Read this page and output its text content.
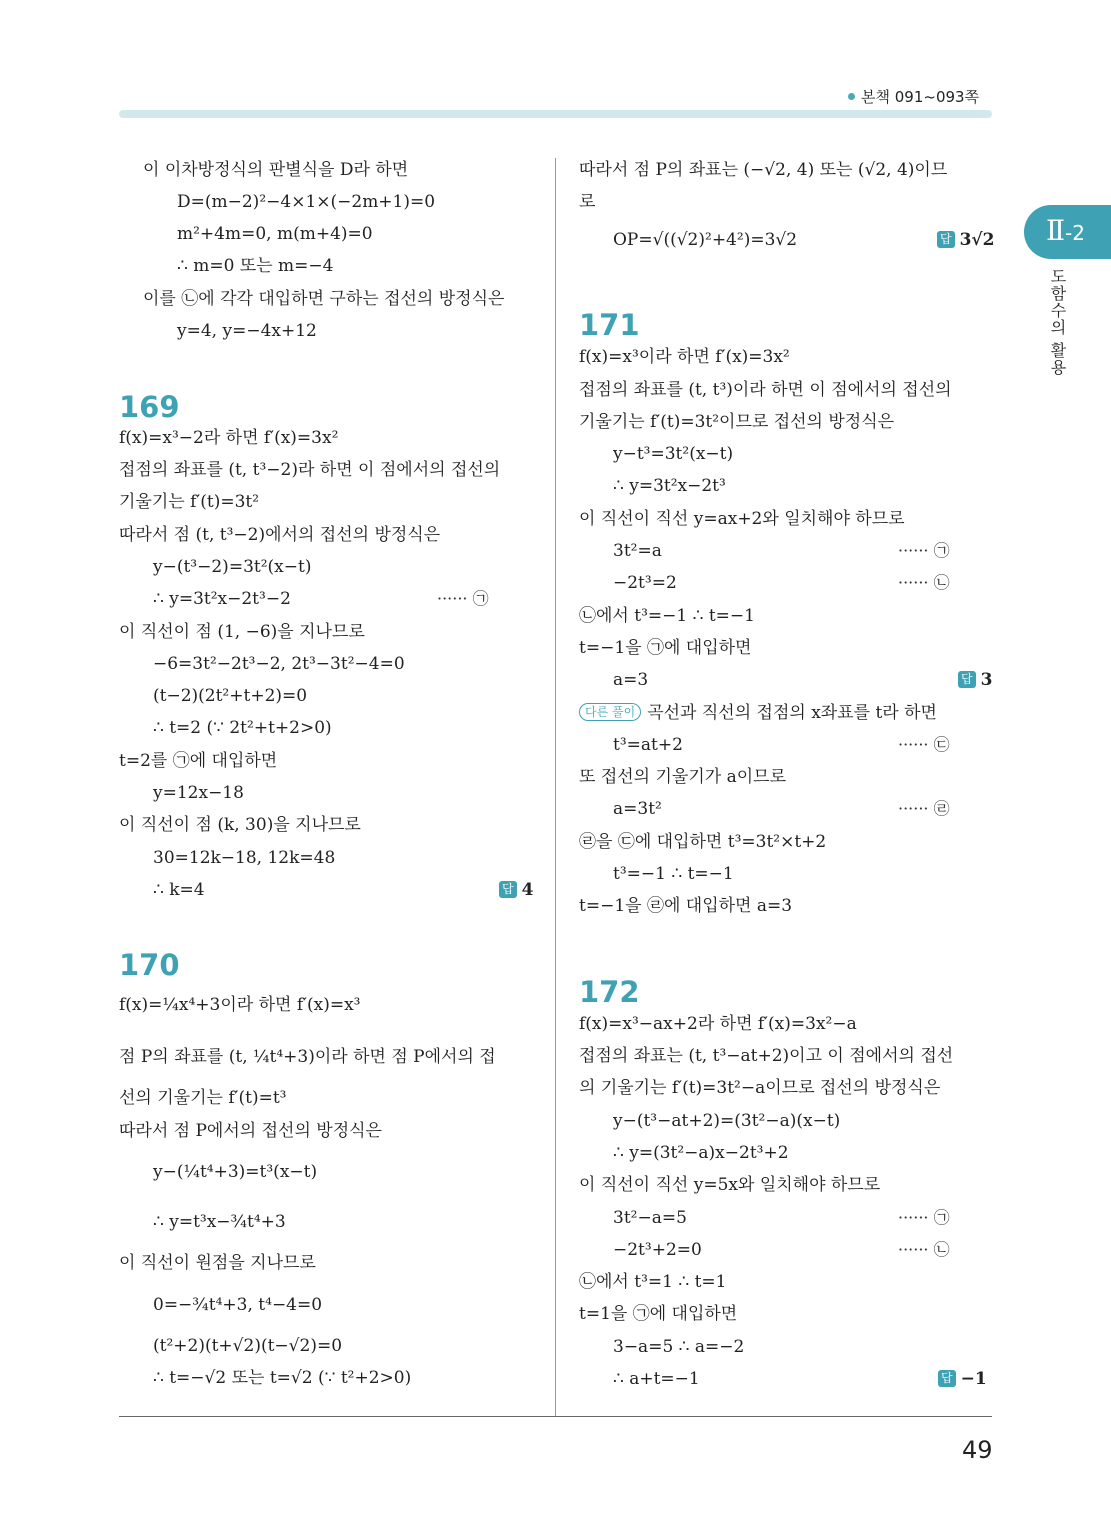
본책 091~093쪽
Ⅱ-2
도함수의 활용
이 이차방정식의 판별식을 D라 하면
D=(m−2)²−4×1×(−2m+1)=0
m²+4m=0, m(m+4)=0
∴ m=0 또는 m=−4
이를 ㉡에 각각 대입하면 구하는 접선의 방정식은
y=4, y=−4x+12
169
f(x)=x³−2라 하면 f′(x)=3x²
접점의 좌표를 (t, t³−2)라 하면 이 점에서의 접선의
기울기는 f′(t)=3t²
따라서 점 (t, t³−2)에서의 접선의 방정식은
y−(t³−2)=3t²(x−t)
∴ y=3t²x−2t³−2	······ ㉠
이 직선이 점 (1, −6)을 지나므로
−6=3t²−2t³−2, 2t³−3t²−4=0
(t−2)(2t²+t+2)=0
∴ t=2 (∵ 2t²+t+2>0)
t=2를 ㉠에 대입하면
y=12x−18
이 직선이 점 (k, 30)을 지나므로
30=12k−18, 12k=48
∴ k=4	답 4
170
f(x)=¼x⁴+3이라 하면 f′(x)=x³
점 P의 좌표를 (t, ¼t⁴+3)이라 하면 점 P에서의 접
선의 기울기는 f′(t)=t³
따라서 점 P에서의 접선의 방정식은
y−(¼t⁴+3)=t³(x−t)
∴ y=t³x−¾t⁴+3
이 직선이 원점을 지나므로
0=−¾t⁴+3, t⁴−4=0
(t²+2)(t+√2)(t−√2)=0
∴ t=−√2 또는 t=√2 (∵ t²+2>0)
따라서 점 P의 좌표는 (−√2, 4) 또는 (√2, 4)이므
로
OP=√((√2)²+4²)=3√2	답 3√2
171
f(x)=x³이라 하면 f′(x)=3x²
접점의 좌표를 (t, t³)이라 하면 이 점에서의 접선의
기울기는 f′(t)=3t²이므로 접선의 방정식은
y−t³=3t²(x−t)
∴ y=3t²x−2t³
이 직선이 직선 y=ax+2와 일치해야 하므로
3t²=a	······ ㉠
−2t³=2	······ ㉡
㉡에서 t³=−1 ∴ t=−1
t=−1을 ㉠에 대입하면
a=3	답 3
다른 풀이 곡선과 직선의 접점의 x좌표를 t라 하면
t³=at+2	······ ㉢
또 접선의 기울기가 a이므로
a=3t²	······ ㉣
㉣을 ㉢에 대입하면 t³=3t²×t+2
t³=−1 ∴ t=−1
t=−1을 ㉣에 대입하면 a=3
172
f(x)=x³−ax+2라 하면 f′(x)=3x²−a
접점의 좌표는 (t, t³−at+2)이고 이 점에서의 접선
의 기울기는 f′(t)=3t²−a이므로 접선의 방정식은
y−(t³−at+2)=(3t²−a)(x−t)
∴ y=(3t²−a)x−2t³+2
이 직선이 직선 y=5x와 일치해야 하므로
3t²−a=5	······ ㉠
−2t³+2=0	······ ㉡
㉡에서 t³=1 ∴ t=1
t=1을 ㉠에 대입하면
3−a=5 ∴ a=−2
∴ a+t=−1	답 −1
49
